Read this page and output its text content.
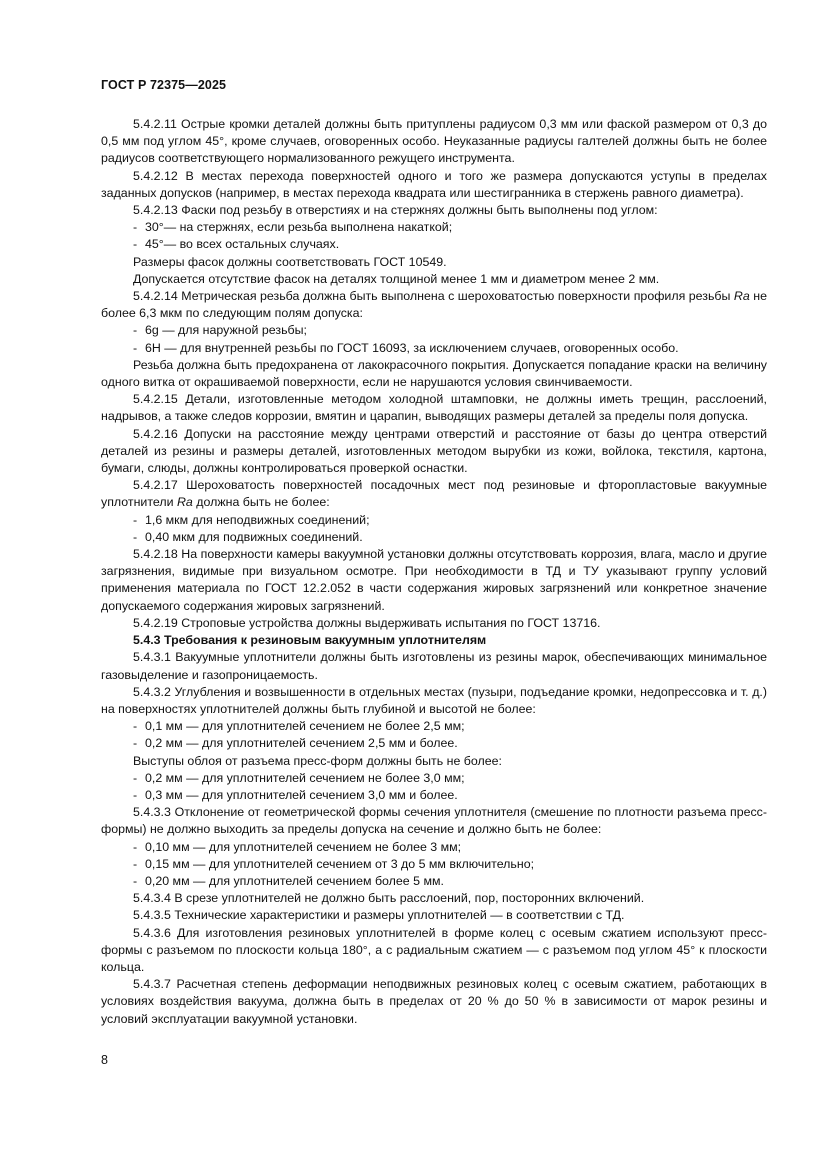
ГОСТ Р 72375—2025

5.4.2.11 Острые кромки деталей должны быть притуплены радиусом 0,3 мм или фаской размером от 0,3 до 0,5 мм под углом 45°, кроме случаев, оговоренных особо. Неуказанные радиусы галтелей должны быть не более радиусов соответствующего нормализованного режущего инструмента.

5.4.2.12 В местах перехода поверхностей одного и того же размера допускаются уступы в пределах заданных допусков (например, в местах перехода квадрата или шестигранника в стержень равного диаметра).

5.4.2.13 Фаски под резьбу в отверстиях и на стержнях должны быть выполнены под углом:

- 30°— на стержнях, если резьба выполнена накаткой;

- 45°— во всех остальных случаях.

Размеры фасок должны соответствовать ГОСТ 10549.

Допускается отсутствие фасок на деталях толщиной менее 1 мм и диаметром менее 2 мм.

5.4.2.14 Метрическая резьба должна быть выполнена с шероховатостью поверхности профиля резьбы Ra не более 6,3 мкм по следующим полям допуска:

- 6g — для наружной резьбы;

- 6H — для внутренней резьбы по ГОСТ 16093, за исключением случаев, оговоренных особо.

Резьба должна быть предохранена от лакокрасочного покрытия. Допускается попадание краски на величину одного витка от окрашиваемой поверхности, если не нарушаются условия свинчиваемости.

5.4.2.15 Детали, изготовленные методом холодной штамповки, не должны иметь трещин, расслоений, надрывов, а также следов коррозии, вмятин и царапин, выводящих размеры деталей за пределы поля допуска.

5.4.2.16 Допуски на расстояние между центрами отверстий и расстояние от базы до центра отверстий деталей из резины и размеры деталей, изготовленных методом вырубки из кожи, войлока, текстиля, картона, бумаги, слюды, должны контролироваться проверкой оснастки.

5.4.2.17 Шероховатость поверхностей посадочных мест под резиновые и фторопластовые вакуумные уплотнители Ra должна быть не более:

- 1,6 мкм для неподвижных соединений;

- 0,40 мкм для подвижных соединений.

5.4.2.18 На поверхности камеры вакуумной установки должны отсутствовать коррозия, влага, масло и другие загрязнения, видимые при визуальном осмотре. При необходимости в ТД и ТУ указывают группу условий применения материала по ГОСТ 12.2.052 в части содержания жировых загрязнений или конкретное значение допускаемого содержания жировых загрязнений.

5.4.2.19 Строповые устройства должны выдерживать испытания по ГОСТ 13716.

5.4.3 Требования к резиновым вакуумным уплотнителям

5.4.3.1 Вакуумные уплотнители должны быть изготовлены из резины марок, обеспечивающих минимальное газовыделение и газопроницаемость.

5.4.3.2 Углубления и возвышенности в отдельных местах (пузыри, подъедание кромки, недопрессовка и т. д.) на поверхностях уплотнителей должны быть глубиной и высотой не более:

- 0,1 мм — для уплотнителей сечением не более 2,5 мм;

- 0,2 мм — для уплотнителей сечением 2,5 мм и более.

Выступы облоя от разъема пресс-форм должны быть не более:

- 0,2 мм — для уплотнителей сечением не более 3,0 мм;

- 0,3 мм — для уплотнителей сечением 3,0 мм и более.

5.4.3.3 Отклонение от геометрической формы сечения уплотнителя (смешение по плотности разъема пресс-формы) не должно выходить за пределы допуска на сечение и должно быть не более:

- 0,10 мм — для уплотнителей сечением не более 3 мм;

- 0,15 мм — для уплотнителей сечением от 3 до 5 мм включительно;

- 0,20 мм — для уплотнителей сечением более 5 мм.

5.4.3.4 В срезе уплотнителей не должно быть расслоений, пор, посторонних включений.

5.4.3.5 Технические характеристики и размеры уплотнителей — в соответствии с ТД.

5.4.3.6 Для изготовления резиновых уплотнителей в форме колец с осевым сжатием используют пресс-формы с разъемом по плоскости кольца 180°, а с радиальным сжатием — с разъемом под углом 45° к плоскости кольца.

5.4.3.7 Расчетная степень деформации неподвижных резиновых колец с осевым сжатием, работающих в условиях воздействия вакуума, должна быть в пределах от 20 % до 50 % в зависимости от марок резины и условий эксплуатации вакуумной установки.

8
